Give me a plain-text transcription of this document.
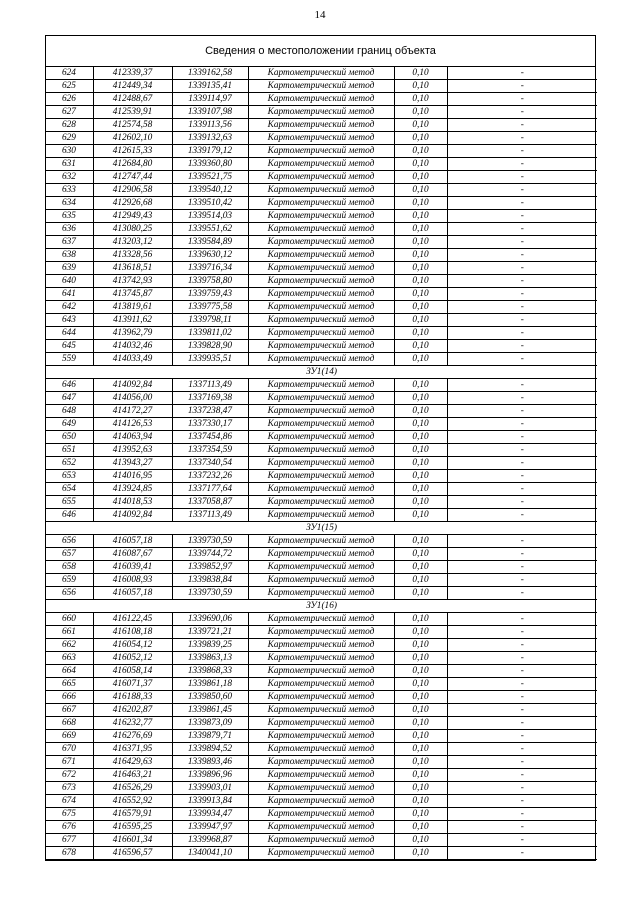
14
Сведения о местоположении границ объекта
624	412339,37	1339162,58	Картометрический метод	0,10	-
625	412449,34	1339135,41	Картометрический метод	0,10	-
626	412488,67	1339114,97	Картометрический метод	0,10	-
627	412539,91	1339107,98	Картометрический метод	0,10	-
628	412574,58	1339113,56	Картометрический метод	0,10	-
629	412602,10	1339132,63	Картометрический метод	0,10	-
630	412615,33	1339179,12	Картометрический метод	0,10	-
631	412684,80	1339360,80	Картометрический метод	0,10	-
632	412747,44	1339521,75	Картометрический метод	0,10	-
633	412906,58	1339540,12	Картометрический метод	0,10	-
634	412926,68	1339510,42	Картометрический метод	0,10	-
635	412949,43	1339514,03	Картометрический метод	0,10	-
636	413080,25	1339551,62	Картометрический метод	0,10	-
637	413203,12	1339584,89	Картометрический метод	0,10	-
638	413328,56	1339630,12	Картометрический метод	0,10	-
639	413618,51	1339716,34	Картометрический метод	0,10	-
640	413742,93	1339758,80	Картометрический метод	0,10	-
641	413745,87	1339759,43	Картометрический метод	0,10	-
642	413819,61	1339775,58	Картометрический метод	0,10	-
643	413911,62	1339798,11	Картометрический метод	0,10	-
644	413962,79	1339811,02	Картометрический метод	0,10	-
645	414032,46	1339828,90	Картометрический метод	0,10	-
559	414033,49	1339935,51	Картометрический метод	0,10	-
ЗУ1(14)					
646	414092,84	1337113,49	Картометрический метод	0,10	-
647	414056,00	1337169,38	Картометрический метод	0,10	-
648	414172,27	1337238,47	Картометрический метод	0,10	-
649	414126,53	1337330,17	Картометрический метод	0,10	-
650	414063,94	1337454,86	Картометрический метод	0,10	-
651	413952,63	1337354,59	Картометрический метод	0,10	-
652	413943,27	1337340,54	Картометрический метод	0,10	-
653	414016,95	1337232,26	Картометрический метод	0,10	-
654	413924,85	1337177,64	Картометрический метод	0,10	-
655	414018,53	1337058,87	Картометрический метод	0,10	-
646	414092,84	1337113,49	Картометрический метод	0,10	-
ЗУ1(15)					
656	416057,18	1339730,59	Картометрический метод	0,10	-
657	416087,67	1339744,72	Картометрический метод	0,10	-
658	416039,41	1339852,97	Картометрический метод	0,10	-
659	416008,93	1339838,84	Картометрический метод	0,10	-
656	416057,18	1339730,59	Картометрический метод	0,10	-
ЗУ1(16)					
660	416122,45	1339690,06	Картометрический метод	0,10	-
661	416108,18	1339721,21	Картометрический метод	0,10	-
662	416054,12	1339839,25	Картометрический метод	0,10	-
663	416052,12	1339863,13	Картометрический метод	0,10	-
664	416058,14	1339868,33	Картометрический метод	0,10	-
665	416071,37	1339861,18	Картометрический метод	0,10	-
666	416188,33	1339850,60	Картометрический метод	0,10	-
667	416202,87	1339861,45	Картометрический метод	0,10	-
668	416232,77	1339873,09	Картометрический метод	0,10	-
669	416276,69	1339879,71	Картометрический метод	0,10	-
670	416371,95	1339894,52	Картометрический метод	0,10	-
671	416429,63	1339893,46	Картометрический метод	0,10	-
672	416463,21	1339896,96	Картометрический метод	0,10	-
673	416526,29	1339903,01	Картометрический метод	0,10	-
674	416552,92	1339913,84	Картометрический метод	0,10	-
675	416579,91	1339934,47	Картометрический метод	0,10	-
676	416595,25	1339947,97	Картометрический метод	0,10	-
677	416601,34	1339968,87	Картометрический метод	0,10	-
678	416596,57	1340041,10	Картометрический метод	0,10	-
